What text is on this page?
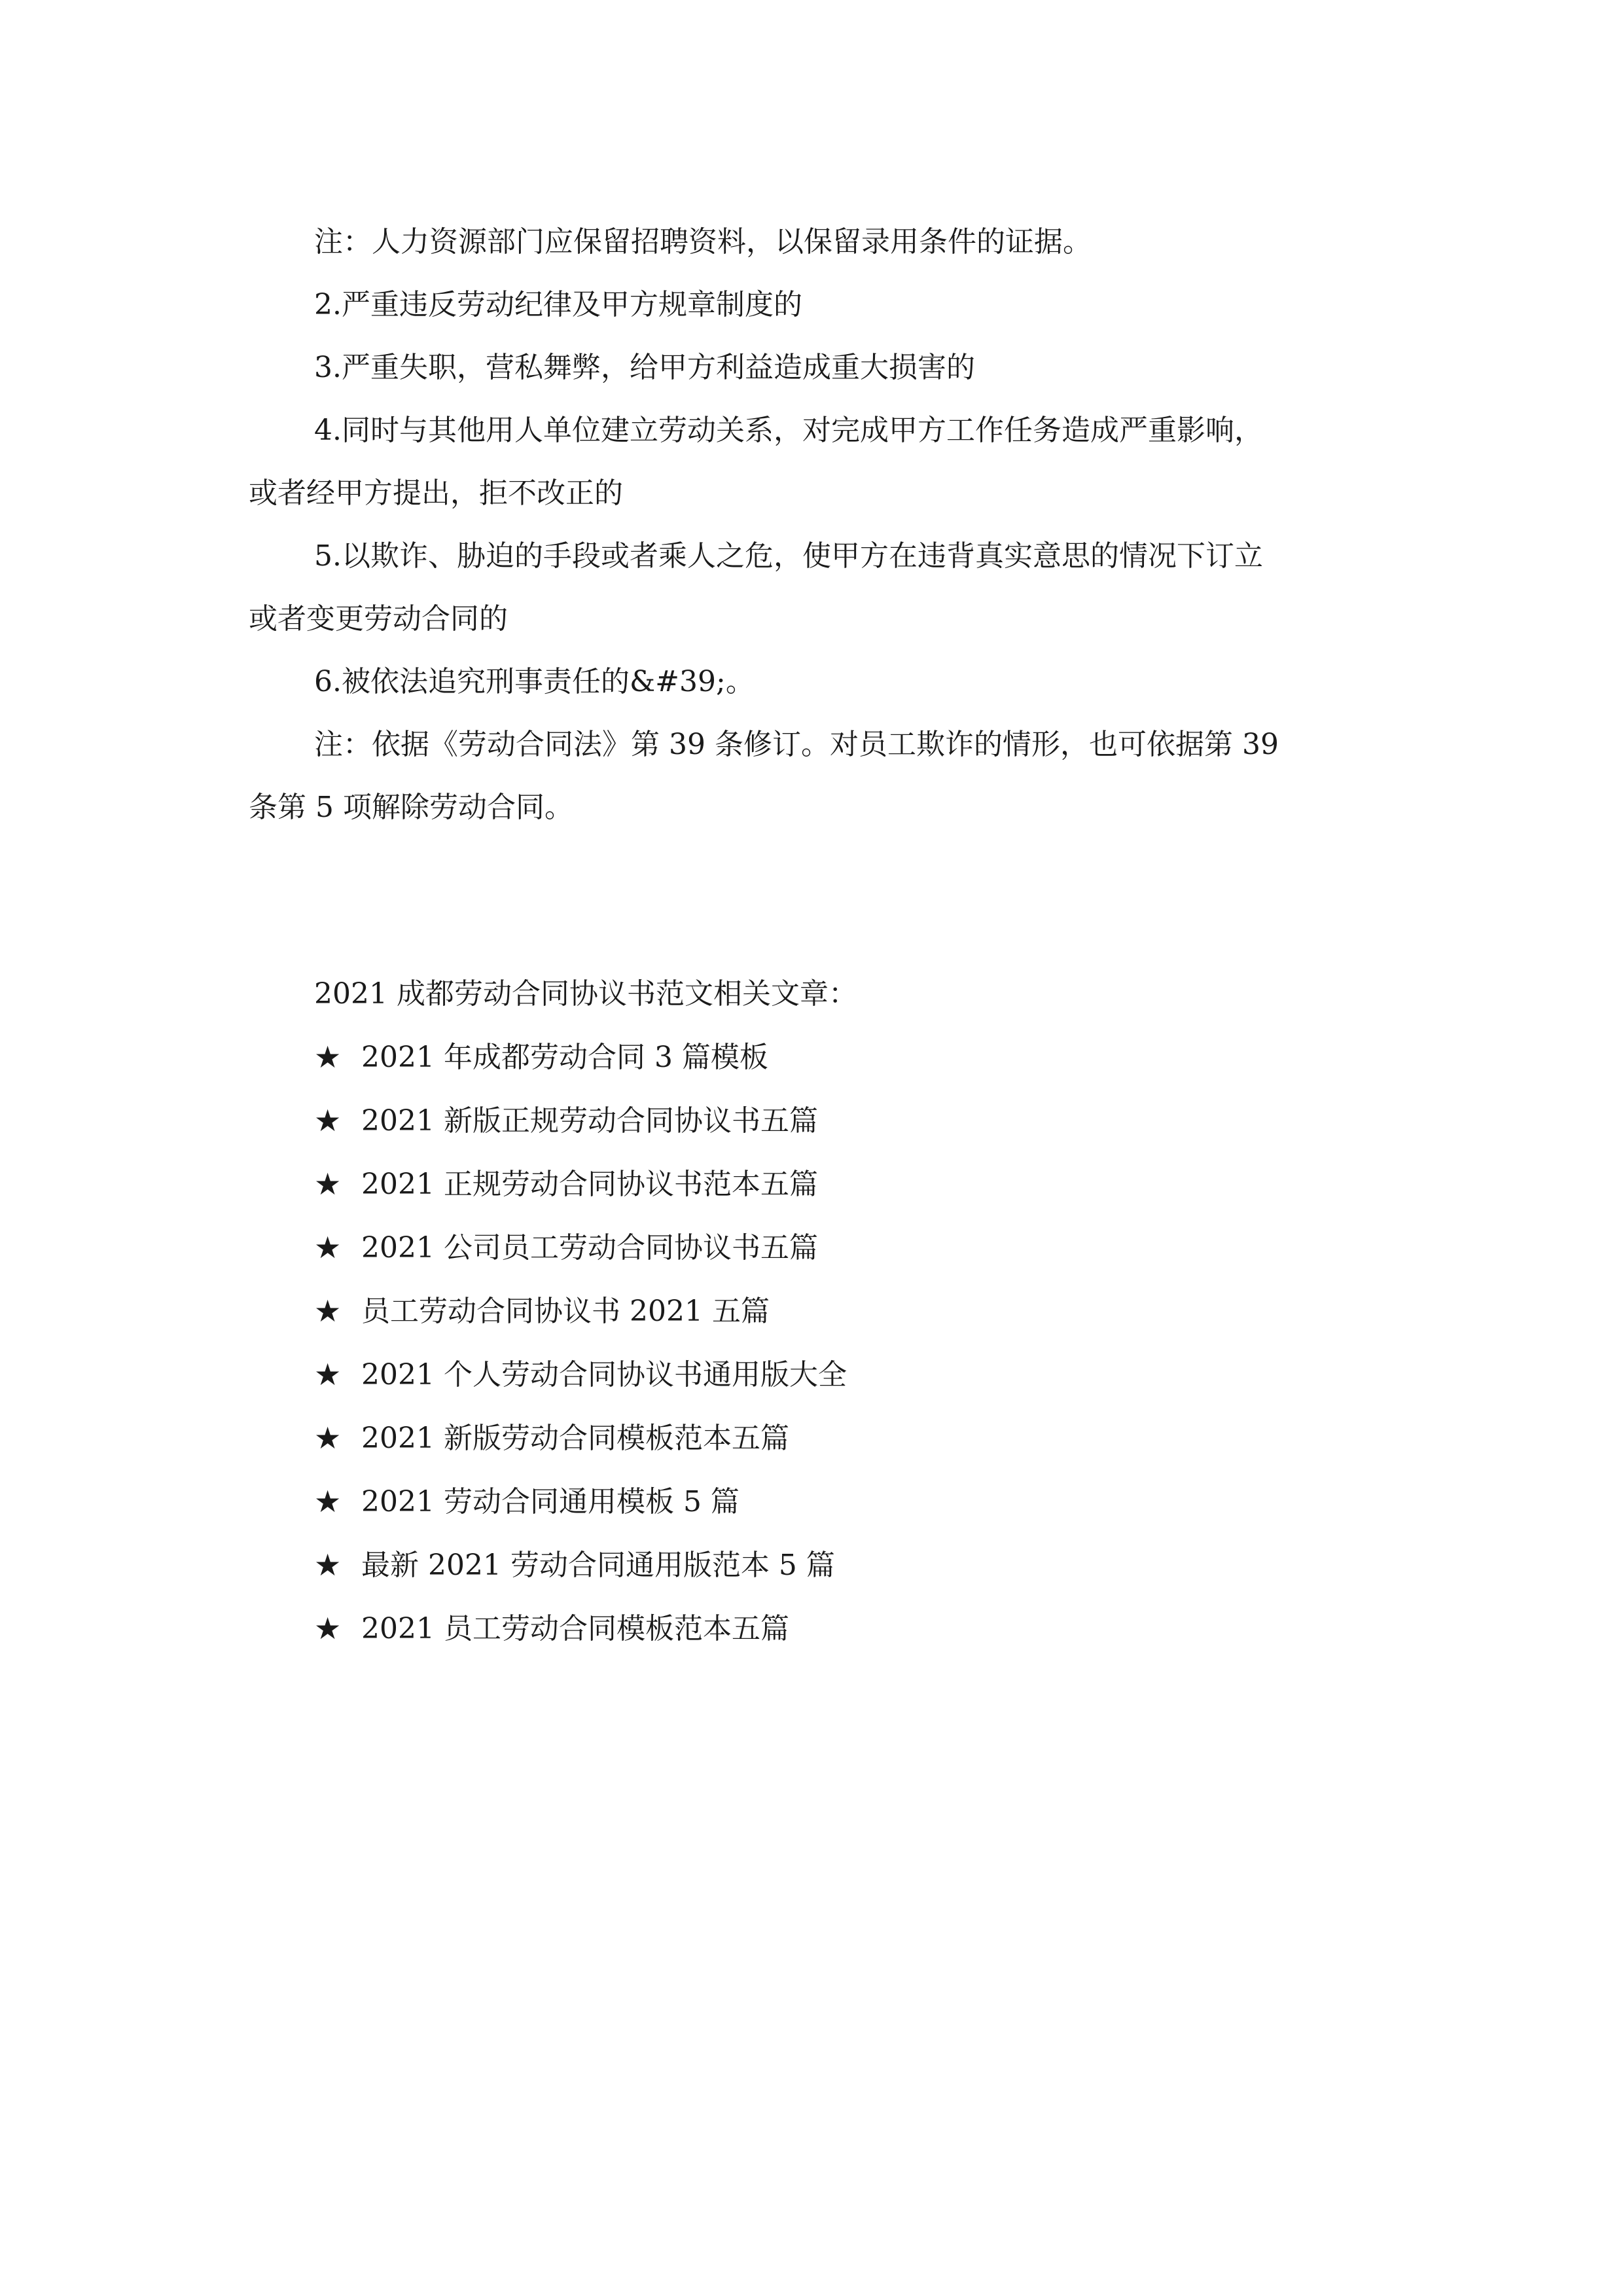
注：人力资源部门应保留招聘资料，以保留录用条件的证据。

2.严重违反劳动纪律及甲方规章制度的

3.严重失职，营私舞弊，给甲方利益造成重大损害的

4.同时与其他用人单位建立劳动关系，对完成甲方工作任务造成严重影响，

或者经甲方提出，拒不改正的

5.以欺诈、胁迫的手段或者乘人之危，使甲方在违背真实意思的情况下订立

或者变更劳动合同的

6.被依法追究刑事责任的&#39;。

注：依据《劳动合同法》第 39 条修订。对员工欺诈的情形，也可依据第 39

条第 5 项解除劳动合同。

2021 成都劳动合同协议书范文相关文章：

★ 2021 年成都劳动合同 3 篇模板
★ 2021 新版正规劳动合同协议书五篇
★ 2021 正规劳动合同协议书范本五篇
★ 2021 公司员工劳动合同协议书五篇
★ 员工劳动合同协议书 2021 五篇
★ 2021 个人劳动合同协议书通用版大全
★ 2021 新版劳动合同模板范本五篇
★ 2021 劳动合同通用模板 5 篇
★ 最新 2021 劳动合同通用版范本 5 篇
★ 2021 员工劳动合同模板范本五篇
